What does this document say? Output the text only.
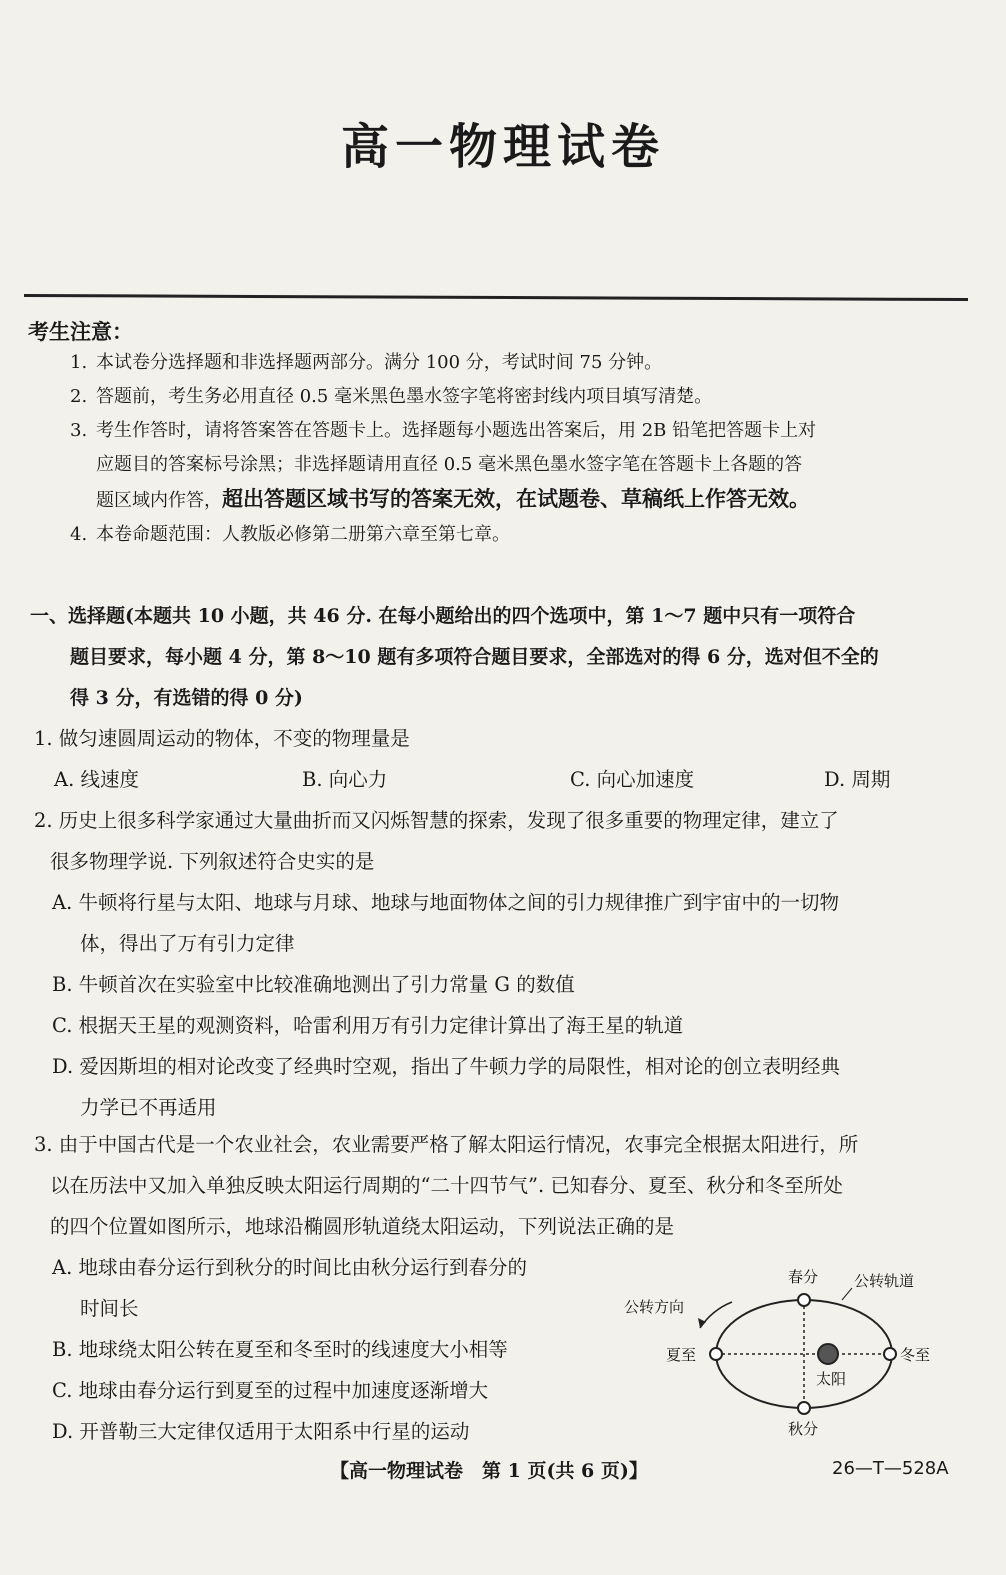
高一物理试卷
考生注意：

1. 本试卷分选择题和非选择题两部分。满分 100 分，考试时间 75 分钟。

2. 答题前，考生务必用直径 0.5 毫米黑色墨水签字笔将密封线内项目填写清楚。

3. 考生作答时，请将答案答在答题卡上。选择题每小题选出答案后，用 2B 铅笔把答题卡上对

应题目的答案标号涂黑；非选择题请用直径 0.5 毫米黑色墨水签字笔在答题卡上各题的答

题区域内作答，超出答题区域书写的答案无效，在试题卷、草稿纸上作答无效。

4. 本卷命题范围：人教版必修第二册第六章至第七章。

一、选择题(本题共 10 小题，共 46 分. 在每小题给出的四个选项中，第 1～7 题中只有一项符合
题目要求，每小题 4 分，第 8～10 题有多项符合题目要求，全部选对的得 6 分，选对但不全的
得 3 分，有选错的得 0 分)

1. 做匀速圆周运动的物体，不变的物理量是

A. 线速度	B. 向心力	C. 向心加速度	D. 周期

2. 历史上很多科学家通过大量曲折而又闪烁智慧的探索，发现了很多重要的物理定律，建立了

很多物理学说. 下列叙述符合史实的是

A. 牛顿将行星与太阳、地球与月球、地球与地面物体之间的引力规律推广到宇宙中的一切物

体，得出了万有引力定律

B. 牛顿首次在实验室中比较准确地测出了引力常量 G 的数值

C. 根据天王星的观测资料，哈雷利用万有引力定律计算出了海王星的轨道

D. 爱因斯坦的相对论改变了经典时空观，指出了牛顿力学的局限性，相对论的创立表明经典

力学已不再适用

3. 由于中国古代是一个农业社会，农业需要严格了解太阳运行情况，农事完全根据太阳进行，所

以在历法中又加入单独反映太阳运行周期的“二十四节气”. 已知春分、夏至、秋分和冬至所处

的四个位置如图所示，地球沿椭圆形轨道绕太阳运动，下列说法正确的是

A. 地球由春分运行到秋分的时间比由秋分运行到春分的

时间长

B. 地球绕太阳公转在夏至和冬至时的线速度大小相等

C. 地球由春分运行到夏至的过程中加速度逐渐增大

D. 开普勒三大定律仅适用于太阳系中行星的运动

春分 公转轨道
公转方向
夏至	冬至
太阳
秋分
【高一物理试卷　第 1 页(共 6 页)】	26—T—528A
